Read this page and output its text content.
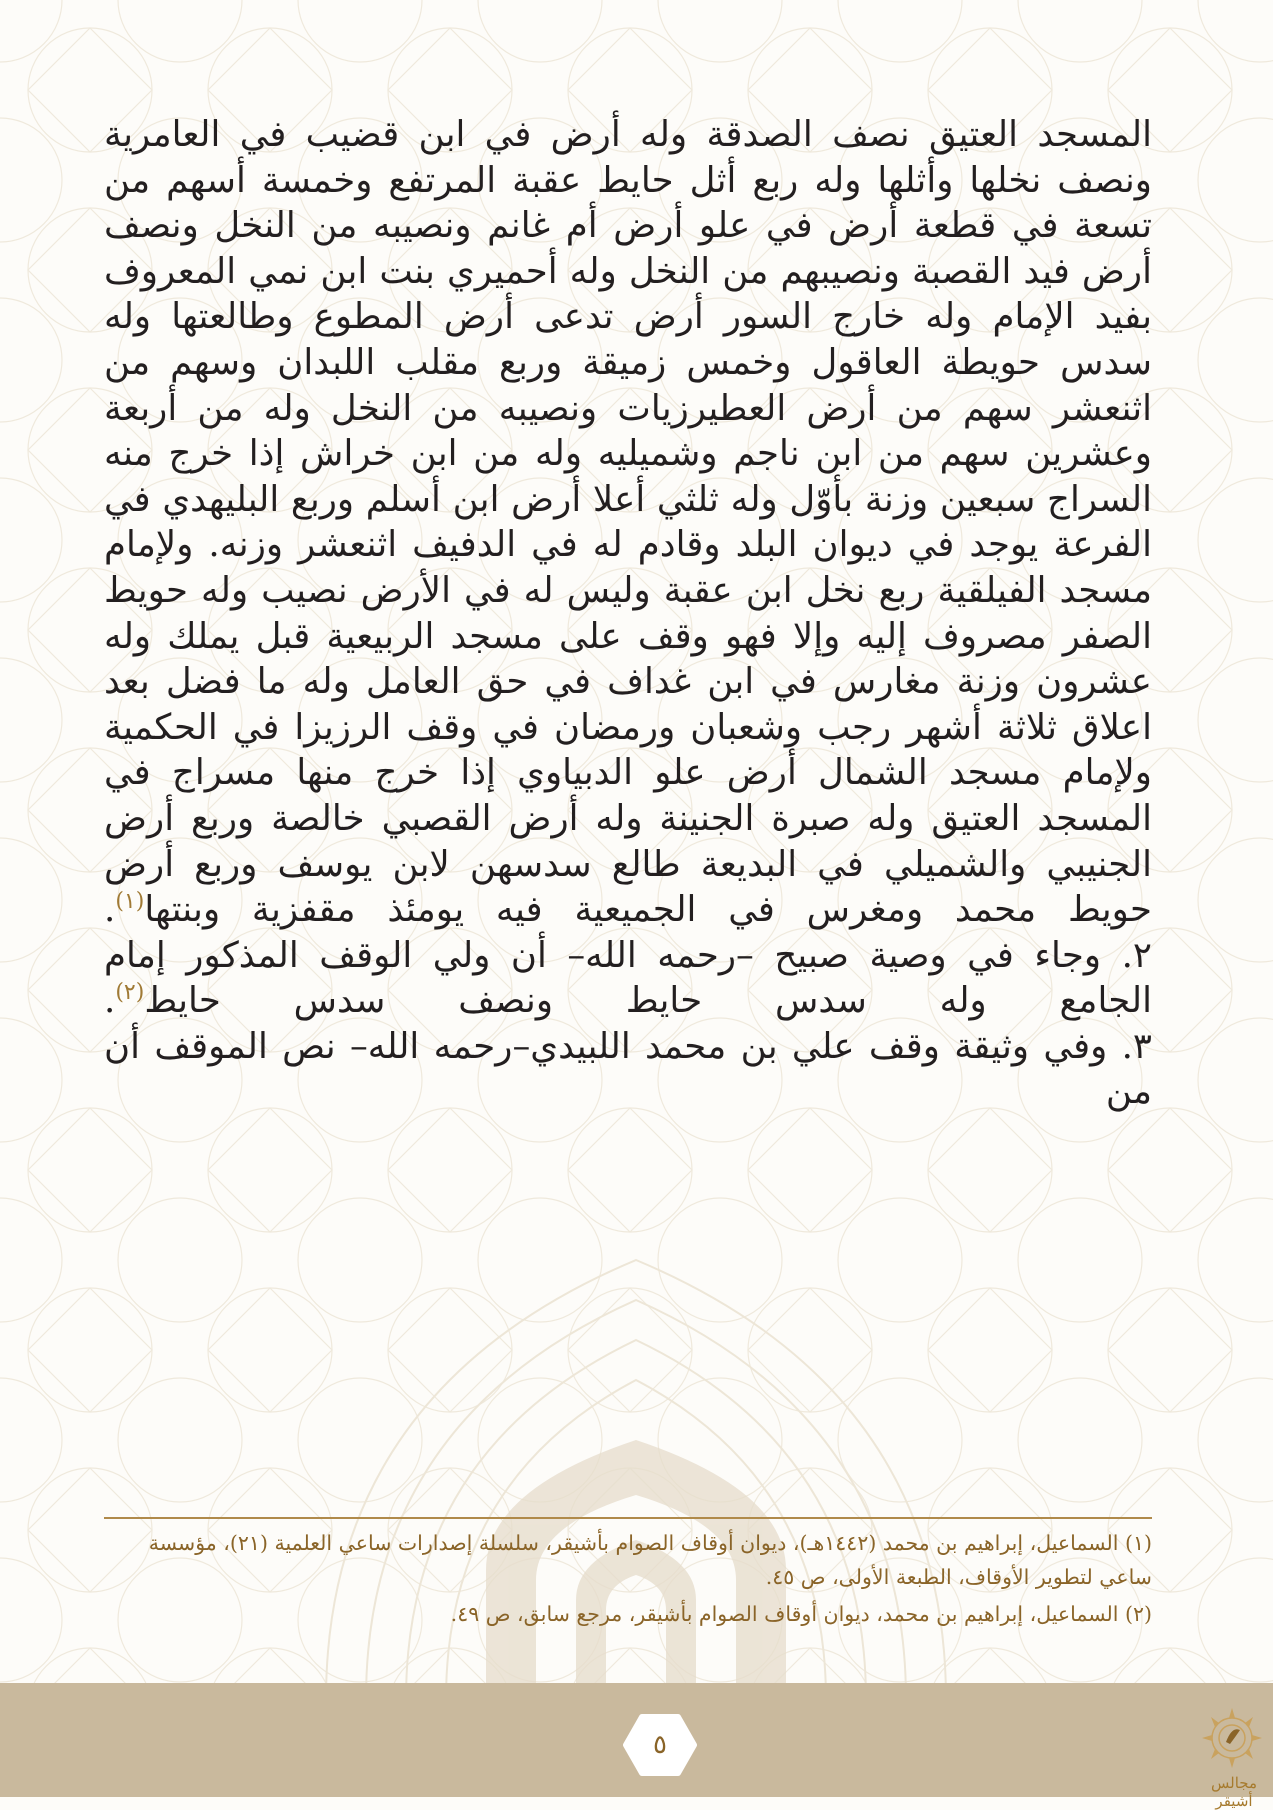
المسجد العتيق نصف الصدقة وله أرض في ابن قضيب في العامرية ونصف نخلها وأثلها وله ربع أثل حايط عقبة المرتفع وخمسة أسهم من تسعة في قطعة أرض في علو أرض أم غانم ونصيبه من النخل ونصف أرض فيد القصبة ونصيبهم من النخل وله أحميري بنت ابن نمي المعروف بفيد الإمام وله خارج السور أرض تدعى أرض المطوع وطالعتها وله سدس حويطة العاقول وخمس زميقة وربع مقلب اللبدان وسهم من اثنعشر سهم من أرض العطيرزيات ونصيبه من النخل وله من أربعة وعشرين سهم من ابن ناجم وشميليه وله من ابن خراش إذا خرج منه السراج سبعين وزنة بأوّل وله ثلثي أعلا أرض ابن أسلم وربع البليهدي في الفرعة يوجد في ديوان البلد وقادم له في الدفيف اثنعشر وزنه. ولإمام مسجد الفيلقية ربع نخل ابن عقبة وليس له في الأرض نصيب وله حويط الصفر مصروف إليه وإلا فهو وقف على مسجد الربيعية قبل يملك وله عشرون وزنة مغارس في ابن غداف في حق العامل وله ما فضل بعد اعلاق ثلاثة أشهر رجب وشعبان ورمضان في وقف الرزيزا في الحكمية ولإمام مسجد الشمال أرض علو الدبياوي إذا خرج منها مسراج في المسجد العتيق وله صبرة الجنينة وله أرض القصبي خالصة وربع أرض الجنيبي والشميلي في البديعة طالع سدسهن لابن يوسف وربع أرض حويط محمد ومغرس في الجميعية فيه يومئذ مقفزية وبنتها$^{(١)}$.

٢. وجاء في وصية صبيح –رحمه الله– أن ولي الوقف المذكور إمام الجامع وله سدس حايط ونصف سدس حايط$^{(٢)}$.

٣. وفي وثيقة وقف علي بن محمد اللبيدي–رحمه الله– نص الموقف أن من

(١) السماعيل، إبراهيم بن محمد (١٤٤٢هـ)، ديوان أوقاف الصوام بأشيقر، سلسلة إصدارات ساعي العلمية (٢١)، مؤسسة ساعي لتطوير الأوقاف، الطبعة الأولى، ص ٤٥.

(٢) السماعيل، إبراهيم بن محمد، ديوان أوقاف الصوام بأشيقر، مرجع سابق، ص ٤٩.

٥
مجالس أشيقر
